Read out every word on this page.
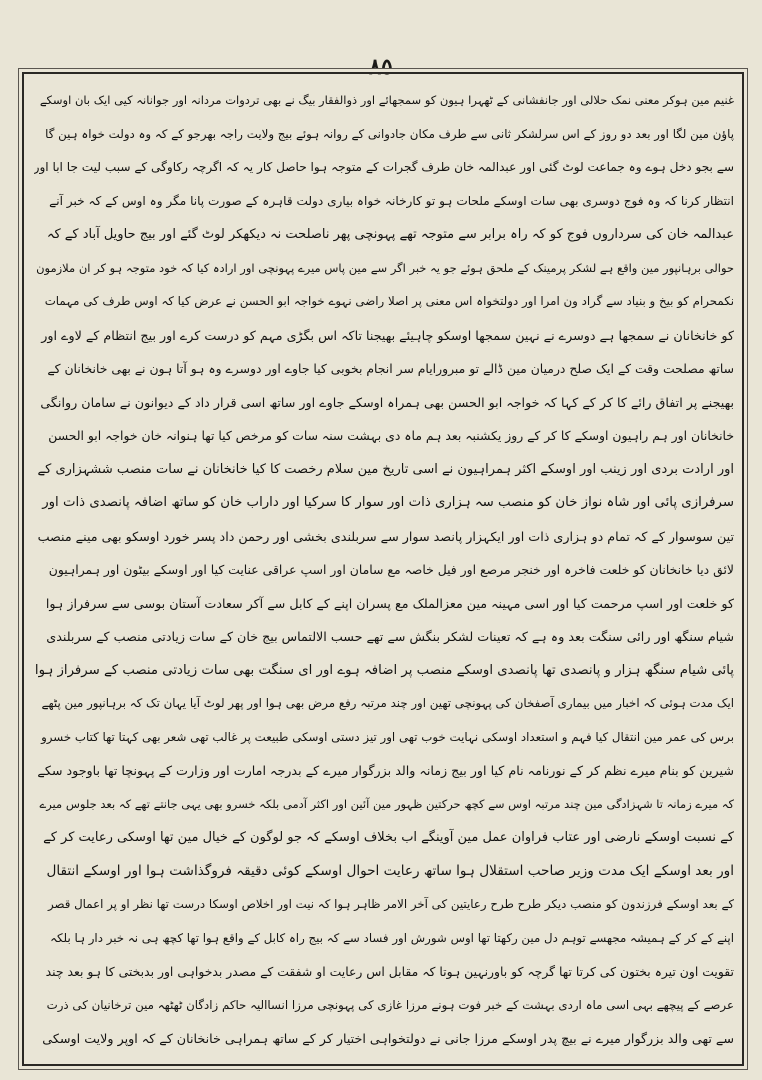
٨٥
غنیم مین ہوکر معنی نمک حلالی اور جانفشانی کے ٹھہرا ہیون کو سمجھائے اور ذوالفقار بیگ نے بھی تردوات مردانہ اور جوانانہ کیی ایک بان اوسکے
پاؤن مین لگا اور بعد دو روز کے اس سرلشکر ثانی سے طرف مکان جادوانی کے روانہ ہوئے بیج ولایت راجہ بھرجو کے کہ وہ دولت خواہ ہین گا
سے بجو دخل ہوے وہ جماعت لوٹ گئی اور عبدالمہ خان طرف گجرات کے متوجہ ہوا حاصل کار یہ کہ اگرچہ رکاوگی کے سبب لیت جا ابا اور
انتظار کرنا کہ وہ فوج دوسری بھی سات اوسکے ملحات ہو تو کارخانہ خواہ بیاری دولت قاہرہ کے صورت پانا مگر وہ اوس کے کہ خبر آنے
عبدالمہ خان کی سرداروں فوج کو کہ راہ برابر سے متوجہ تھے پہونچی پھر ناصلحت نہ دیکھکر لوٹ گئے اور بیج حاویل آباد کے کہ
حوالی برہانپور مین واقع ہے لشکر پرمینک کے ملحق ہوئے جو یہ خبر اگر سے مین پاس میرے پہونچی اور ارادہ کیا کہ خود متوجہ ہو کر ان ملازمون
نکمحرام کو بیخ و بنیاد سے گراد ون امرا اور دولتخواہ اس معنی پر اصلا راضی نہوے خواجہ ابو الحسن نے عرض کیا کہ اوس طرف کی مہمات
کو خانخانان نے سمجھا ہے دوسرے نے نہین سمجھا اوسکو چاہیئے بھیجنا تاکہ اس بگڑی مہم کو درست کرے اور بیج انتظام کے لاوے اور
ساتھ مصلحت وقت کے ایک صلح درمیان مین ڈالے تو مبرورایام سر انجام بخوبی کیا جاوے اور دوسرے وہ ہو آتا ہون نے بھی خانخانان کے
بھیجنے پر اتفاق رائے کا کر کے کہا کہ خواجہ ابو الحسن بھی ہمراہ اوسکے جاوے اور ساتھ اسی قرار داد کے دیوانون نے سامان روانگی
خانخانان اور ہم راہیون اوسکے کا کر کے روز یکشنبہ بعد ہم ماہ دی بہشت سنہ سات کو مرخص کیا تھا ہنوانہ خان خواجہ ابو الحسن
اور ارادت بردی اور زینب اور اوسکے اکثر ہمراہیون نے اسی تاریخ مین سلام رخصت کا کیا خانخانان نے سات منصب ششہزاری کے
سرفرازی پائی اور شاہ نواز خان کو منصب سہ ہزاری ذات اور سوار کا سرکیا اور داراب خان کو ساتھ اضافہ پانصدی ذات اور
تین سوسوار کے کہ تمام دو ہزاری ذات اور ایکہزار پانصد سوار سے سربلندی بخشی اور رحمن داد پسر خورد اوسکو بھی مینے منصب
لائق دیا خانخانان کو خلعت فاخرہ اور خنجر مرصع اور فیل خاصہ مع سامان اور اسپ عراقی عنایت کیا اور اوسکے بیٹون اور ہمراہیون
کو خلعت اور اسپ مرحمت کیا اور اسی مہینہ مین معزالملک مع پسران اپنے کے کابل سے آکر سعادت آستان بوسی سے سرفراز ہوا
شیام سنگھ اور رائی سنگت بعد وہ ہے کہ تعینات لشکر بنگش سے تھے حسب الالتماس بیج خان کے سات زیادتی منصب کے سربلندی
پائی شیام سنگھ ہزار و پانصدی تھا پانصدی اوسکے منصب پر اضافہ ہوے اور ای سنگت بھی سات زیادتی منصب کے سرفراز ہوا
ایک مدت ہوئی کہ اخبار میں بیماری آصفخان کی پہونچی تھین اور چند مرتبہ رفع مرض بھی ہوا اور پھر لوٹ آیا یہان تک کہ برہانپور مین پٹھے
برس کی عمر مین انتقال کیا فہم و استعداد اوسکی نہایت خوب تھی اور تیز دستی اوسکی طبیعت پر غالب تھی شعر بھی کہتا تھا کتاب خسرو
شیرین کو بنام میرے نظم کر کے نورنامہ نام کیا اور بیج زمانہ والد بزرگوار میرے کے بدرجہ امارت اور وزارت کے پہونچا تھا باوجود سکے
کہ میرے زمانہ تا شہزادگی مین چند مرتبہ اوس سے کچھ حرکتین ظہور مین آئین اور اکثر آدمی بلکہ خسرو بھی یہی جانتے تھے کہ بعد جلوس میرے
کے نسبت اوسکے نارضی اور عتاب فراوان عمل مین آوینگے اب بخلاف اوسکے کہ جو لوگون کے خیال مین تھا اوسکی رعایت کر کے
اور بعد اوسکے ایک مدت وزیر صاحب استقلال ہوا ساتھ رعایت احوال اوسکے کوئی دقیقہ فروگذاشت ہوا اور اوسکے انتقال
کے بعد اوسکے فرزندون کو منصب دیکر طرح طرح رعایتین کی آخر الامر ظاہر ہوا کہ نیت اور اخلاص اوسکا درست تھا نظر او پر اعمال قصر
اپنے کے کر کے ہمیشہ مجھسے توہم دل مین رکھتا تھا اوس شورش اور فساد سے کہ بیج راہ کابل کے واقع ہوا تھا کچھ ہی نہ خبر دار ہا بلکہ
تقویت اون تیرہ بختون کی کرتا تھا گرچہ کو باورنہین ہوتا کہ مقابل اس رعایت او شفقت کے مصدر بدخواہی اور بدبختی کا ہو بعد چند
عرصے کے پیچھے بہی اسی ماہ اردی بہشت کے خبر فوت ہونے مرزا غازی کی پہونچی مرزا انساالیہ حاکم زادگان ٹھٹھہ مین ترخانیان کی ذرت
سے تھی والد بزرگوار میرے نے بیچ پدر اوسکے مرزا جانی نے دولتخواہی اختیار کر کے ساتھ ہمراہی خانخانان کے کہ اوپر ولایت اوسکی
